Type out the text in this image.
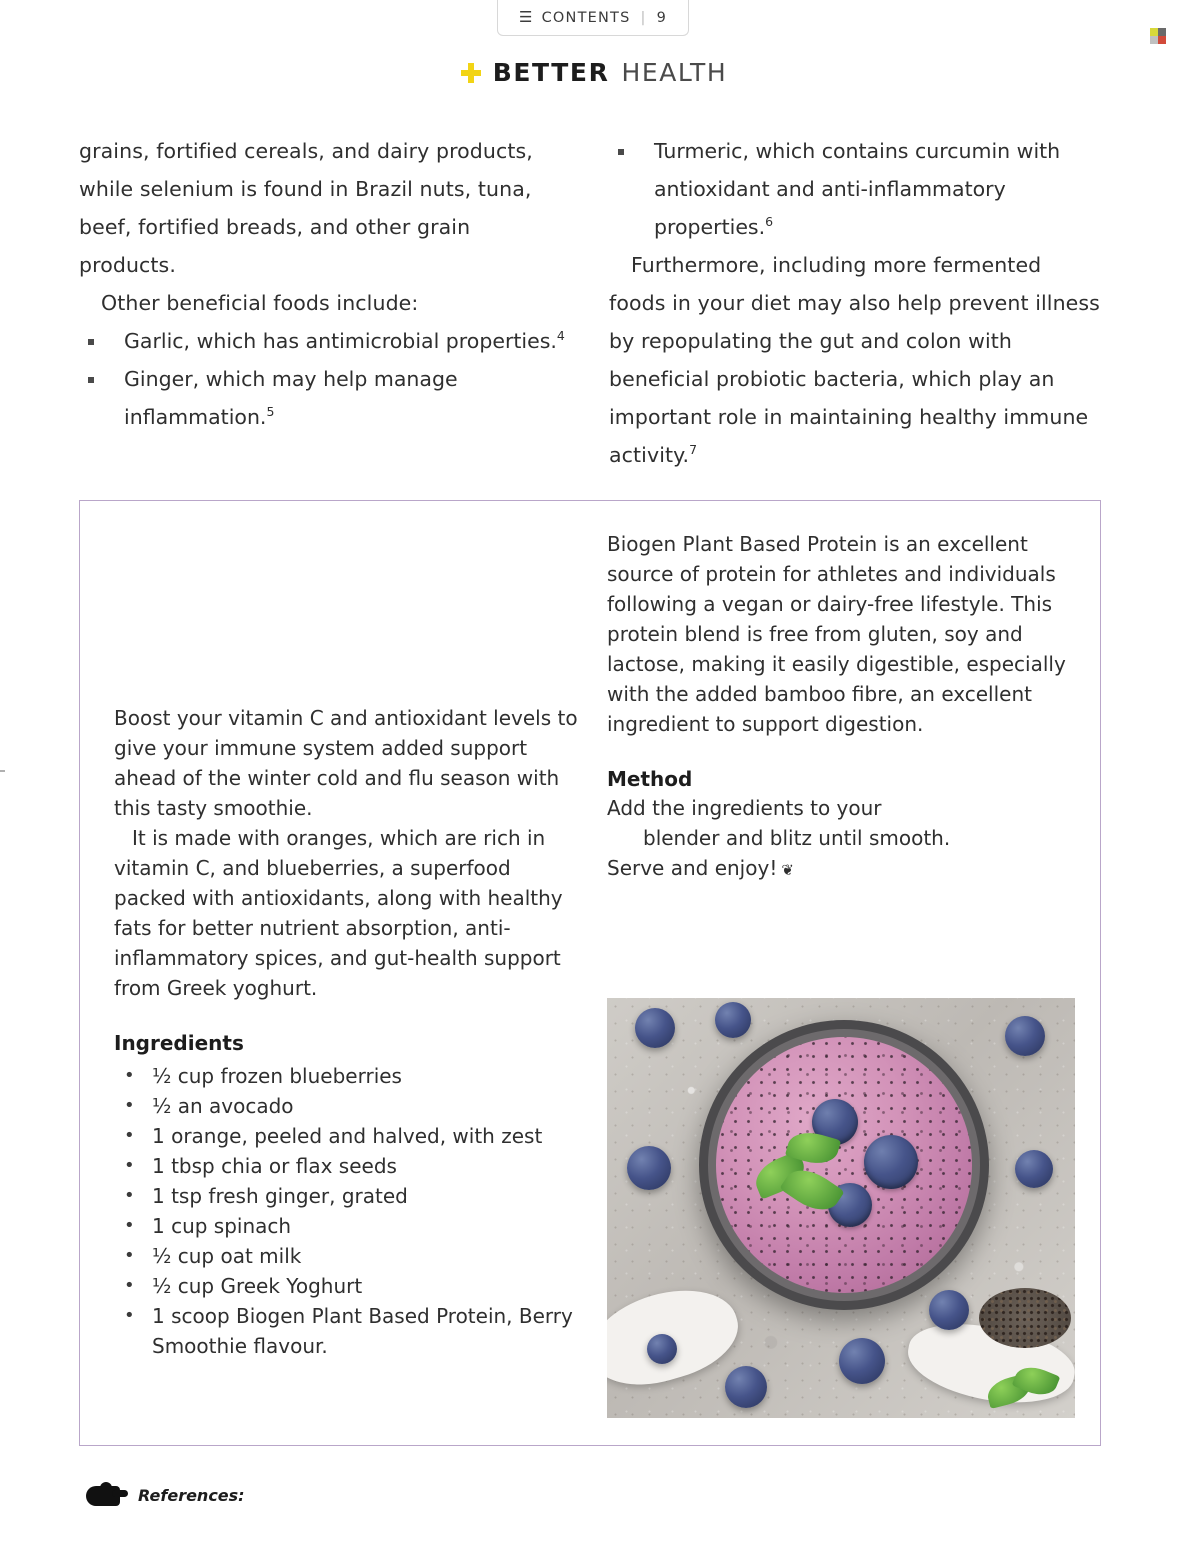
☰ CONTENTS | 9
BETTER HEALTH

grains, fortified cereals, and dairy products, while selenium is found in Brazil nuts, tuna, beef, fortified breads, and other grain products.

Other beneficial foods include:

Garlic, which has antimicrobial properties.$^4$
Ginger, which may help manage inflammation.$^5$
Turmeric, which contains curcumin with antioxidant and anti-inflammatory properties.$^6$

Furthermore, including more fermented foods in your diet may also help prevent illness by repopulating the gut and colon with beneficial probiotic bacteria, which play an important role in maintaining healthy immune activity.$^7$

Boost your vitamin C and antioxidant levels to give your immune system added support ahead of the winter cold and flu season with this tasty smoothie.

It is made with oranges, which are rich in vitamin C, and blueberries, a superfood packed with antioxidants, along with healthy fats for better nutrient absorption, anti-inflammatory spices, and gut-health support from Greek yoghurt.

Ingredients
• ½ cup frozen blueberries
• ½ an avocado
• 1 orange, peeled and halved, with zest
• 1 tbsp chia or flax seeds
• 1 tsp fresh ginger, grated
• 1 cup spinach
• ½ cup oat milk
• ½ cup Greek Yoghurt
• 1 scoop Biogen Plant Based Protein, Berry Smoothie flavour.

Biogen Plant Based Protein is an excellent source of protein for athletes and individuals following a vegan or dairy-free lifestyle. This protein blend is free from gluten, soy and lactose, making it easily digestible, especially with the added bamboo fibre, an excellent ingredient to support digestion.

Method

Add the ingredients to your
blender and blitz until smooth.
Serve and enjoy! ❦

References:
